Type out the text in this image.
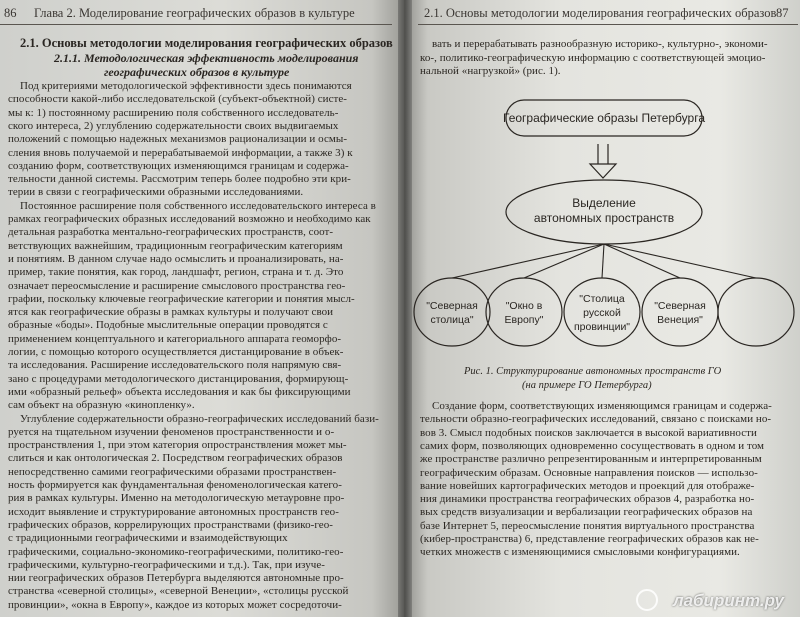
86 Глава 2. Моделирование географических образов в культуре
2.1. Основы методологии моделирования географических образов
2.1.1. Методологическая эффективность моделирования
географических образов в культуре
Под критериями методологической эффективности здесь понимаются
способности какой-либо исследовательской (субъект-объектной) систе-
мы к: 1) постоянному расширению поля собственного исследователь-
ского интереса, 2) углублению содержательности своих выдвигаемых
положений с помощью надежных механизмов рационализации и осмы-
сления вновь получаемой и перерабатываемой информации, а также 3) к
созданию форм, соответствующих изменяющимся границам и содержа-
тельности данной системы. Рассмотрим теперь более подробно эти кри-
терии в связи с географическими образными исследованиями.
Постоянное расширение поля собственного исследовательского интереса в
рамках географических образных исследований возможно и необходимо как
детальная разработка ментально-географических пространств, соот-
ветствующих важнейшим, традиционным географическим категориям
и понятиям. В данном случае надо осмыслить и проанализировать, на-
пример, такие понятия, как город, ландшафт, регион, страна и т. д. Это
означает переосмысление и расширение смыслового пространства гео-
графии, поскольку ключевые географические категории и понятия мысл-
ятся как географические образы в рамках культуры и получают свои
образные «боды». Подобные мыслительные операции проводятся с
применением концептуального и категориального аппарата геоморфо-
логии, с помощью которого осуществляется дистанцирование в объек-
та исследования. Расширение исследовательского поля напрямую свя-
зано с процедурами методологического дистанцирования, формирующ-
ими «образный рельеф» объекта исследования и как бы фиксирующими
сам объект на образную «кинопленку».
Углубление содержательности образно-географических исследований бази-
руется на тщательном изучении феноменов пространственности и о-
пространствления 1, при этом категория опространствления может мы-
слиться и как онтологическая 2. Посредством географических образов
непосредственно самими географическими образами пространствен-
ность формируется как фундаментальная феноменологическая катего-
рия в рамках культуры. Именно на методологическую метауровне про-
исходит выявление и структурирование автономных пространств гео-
графических образов, коррелирующих пространствами (физико-гео-
с традиционными географическими и взаимодействующих
графическими, социально-экономико-географическими, политико-гео-
графическими, культурно-географическими и т.д.). Так, при изуче-
нии географических образов Петербурга выделяются автономные про-
странства «северной столицы», «северной Венеции», «столицы русской
провинции», «окна в Европу», каждое из которых может сосредоточи-
2.1. Основы методологии моделирования географических образов 87
вать и перерабатывать разнообразную историко-, культурно-, экономи-
ко-, политико-географическую информацию с соответствующей эмоцио-
нальной «нагрузкой» (рис. 1).
Географические образы Петербурга
Выделение
автономных пространств
"Северная
столица"
"Окно в
Европу"
"Столица
русской
провинции"
"Северная
Венеция"
Рис. 1. Структурирование автономных пространств ГО
(на примере ГО Петербурга)
Создание форм, соответствующих изменяющимся границам и содержа-
тельности образно-географических исследований, связано с поисками но-
вов 3. Смысл подобных поисков заключается в высокой вариативности
самих форм, позволяющих одновременно сосуществовать в одном и том
же пространстве различно репрезентированным и интерпретированным
географическим образам. Основные направления поисков — использо-
вание новейших картографических методов и проекций для отображе-
ния динамики пространства географических образов 4, разработка но-
вых средств визуализации и вербализации географических образов на
базе Интернет 5, переосмысление понятия виртуального пространства
(кибер-пространства) 6, представление географических образов как не-
четких множеств с изменяющимися смысловыми конфигурациями.
лабиринт.ру
